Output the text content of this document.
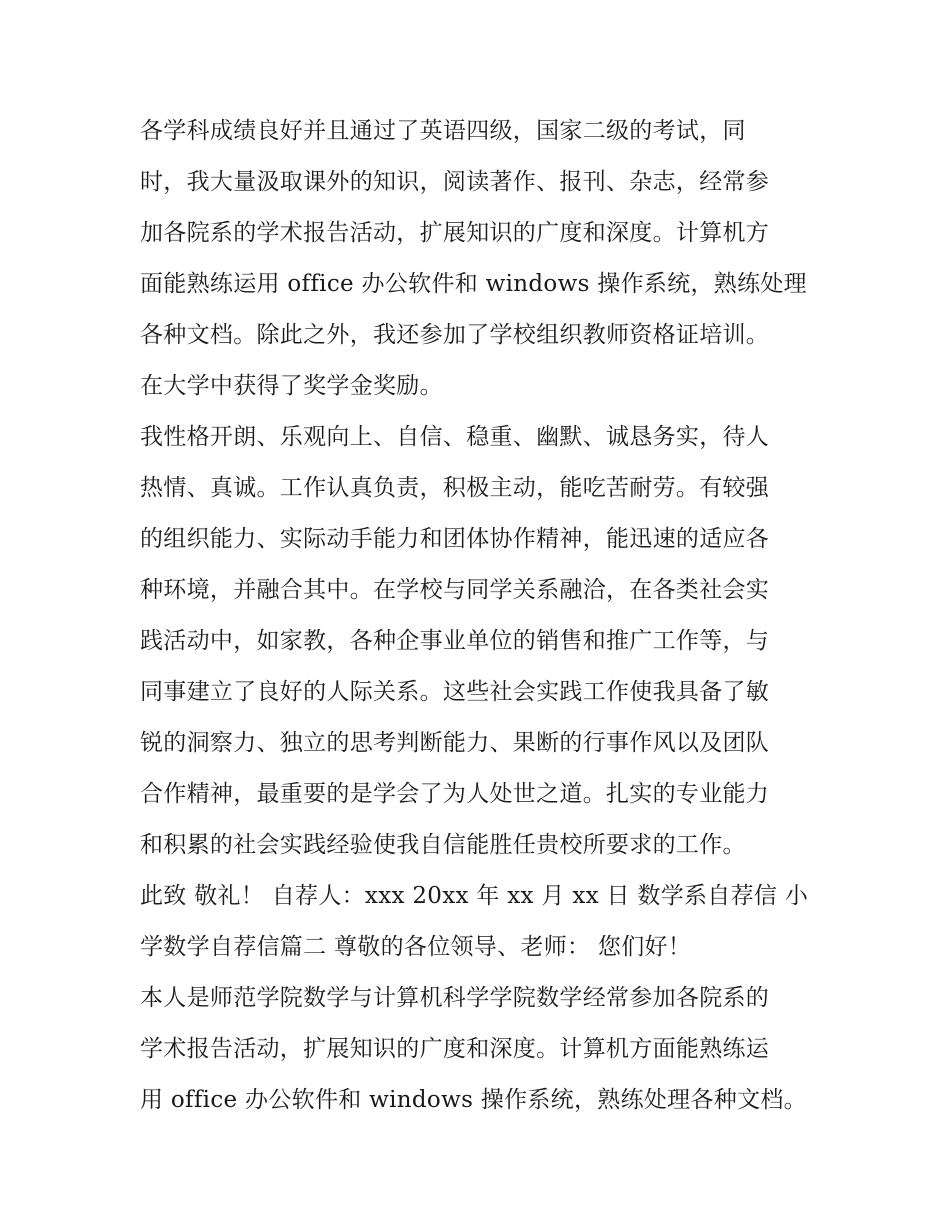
各学科成绩良好并且通过了英语四级，国家二级的考试，同
时，我大量汲取课外的知识，阅读著作、报刊、杂志，经常参
加各院系的学术报告活动，扩展知识的广度和深度。计算机方
面能熟练运用 office 办公软件和 windows 操作系统，熟练处理
各种文档。除此之外，我还参加了学校组织教师资格证培训。
在大学中获得了奖学金奖励。
我性格开朗、乐观向上、自信、稳重、幽默、诚恳务实，待人
热情、真诚。工作认真负责，积极主动，能吃苦耐劳。有较强
的组织能力、实际动手能力和团体协作精神，能迅速的适应各
种环境，并融合其中。在学校与同学关系融洽，在各类社会实
践活动中，如家教，各种企事业单位的销售和推广工作等，与
同事建立了良好的人际关系。这些社会实践工作使我具备了敏
锐的洞察力、独立的思考判断能力、果断的行事作风以及团队
合作精神，最重要的是学会了为人处世之道。扎实的专业能力
和积累的社会实践经验使我自信能胜任贵校所要求的工作。
此致 敬礼！ 自荐人：xxx 20xx 年 xx 月 xx 日 数学系自荐信 小
学数学自荐信篇二 尊敬的各位领导、老师： 您们好！
本人是师范学院数学与计算机科学学院数学经常参加各院系的
学术报告活动，扩展知识的广度和深度。计算机方面能熟练运
用 office 办公软件和 windows 操作系统，熟练处理各种文档。
